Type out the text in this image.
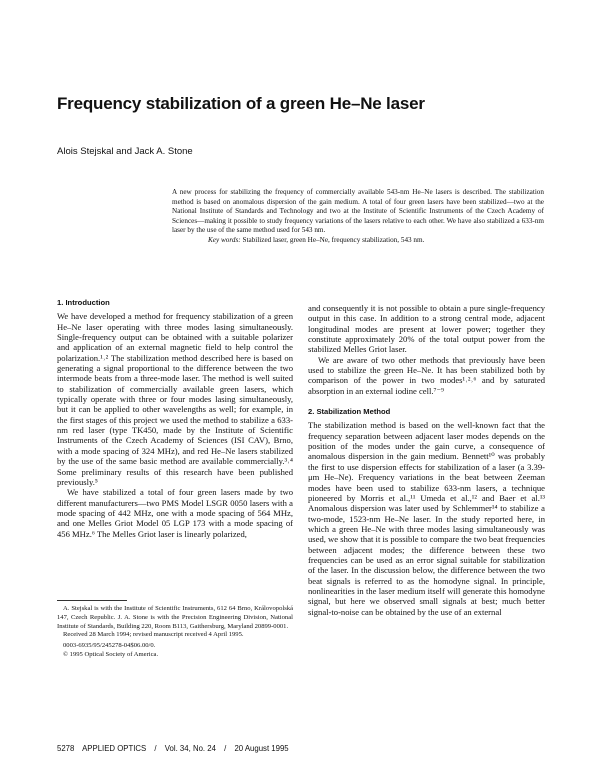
Frequency stabilization of a green He–Ne laser
Alois Stejskal and Jack A. Stone

A new process for stabilizing the frequency of commercially available 543-nm He–Ne lasers is described. The stabilization method is based on anomalous dispersion of the gain medium. A total of four green lasers have been stabilized—two at the National Institute of Standards and Technology and two at the Institute of Scientific Instruments of the Czech Academy of Sciences—making it possible to study frequency variations of the lasers relative to each other. We have also stabilized a 633-nm laser by the use of the same method used for 543 nm.

Key words: Stabilized laser, green He–Ne, frequency stabilization, 543 nm.

1. Introduction

We have developed a method for frequency stabilization of a green He–Ne laser operating with three modes lasing simultaneously. Single-frequency output can be obtained with a suitable polarizer and application of an external magnetic field to help control the polarization.¹˒² The stabilization method described here is based on generating a signal proportional to the difference between the two intermode beats from a three-mode laser. The method is well suited to stabilization of commercially available green lasers, which typically operate with three or four modes lasing simultaneously, but it can be applied to other wavelengths as well; for example, in the first stages of this project we used the method to stabilize a 633-nm red laser (type TK450, made by the Institute of Scientific Instruments of the Czech Academy of Sciences (ISI CAV), Brno, with a mode spacing of 324 MHz), and red He–Ne lasers stabilized by the use of the same basic method are available commercially.³˒⁴ Some preliminary results of this research have been published previously.⁵

We have stabilized a total of four green lasers made by two different manufacturers—two PMS Model LSGR 0050 lasers with a mode spacing of 442 MHz, one with a mode spacing of 564 MHz, and one Melles Griot Model 05 LGP 173 with a mode spacing of 456 MHz.⁶ The Melles Griot laser is linearly polarized,

and consequently it is not possible to obtain a pure single-frequency output in this case. In addition to a strong central mode, adjacent longitudinal modes are present at lower power; together they constitute approximately 20% of the total output power from the stabilized Melles Griot laser.

We are aware of two other methods that previously have been used to stabilize the green He–Ne. It has been stabilized both by comparison of the power in two modes¹˒²˒⁶ and by saturated absorption in an external iodine cell.⁷⁻⁹

2. Stabilization Method

The stabilization method is based on the well-known fact that the frequency separation between adjacent laser modes depends on the position of the modes under the gain curve, a consequence of anomalous dispersion in the gain medium. Bennett¹⁰ was probably the first to use dispersion effects for stabilization of a laser (a 3.39-μm He–Ne). Frequency variations in the beat between Zeeman modes have been used to stabilize 633-nm lasers, a technique pioneered by Morris et al.,¹¹ Umeda et al.,¹² and Baer et al.¹³ Anomalous dispersion was later used by Schlemmer¹⁴ to stabilize a two-mode, 1523-nm He–Ne laser. In the study reported here, in which a green He–Ne with three modes lasing simultaneously was used, we show that it is possible to compare the two beat frequencies between adjacent modes; the difference between these two frequencies can be used as an error signal suitable for stabilization of the laser. In the discussion below, the difference between the two beat signals is referred to as the homodyne signal. In principle, nonlinearities in the laser medium itself will generate this homodyne signal, but here we observed small signals at best; much better signal-to-noise can be obtained by the use of an external

A. Stejskal is with the Institute of Scientific Instruments, 612 64 Brno, Královopolská 147, Czech Republic. J. A. Stone is with the Precision Engineering Division, National Institute of Standards, Building 220, Room B113, Gaithersburg, Maryland 20899-0001.

Received 28 March 1994; revised manuscript received 4 April 1995.

0003-6935/95/245278-04$06.00/0.

© 1995 Optical Society of America.

5278 APPLIED OPTICS / Vol. 34, No. 24 / 20 August 1995
